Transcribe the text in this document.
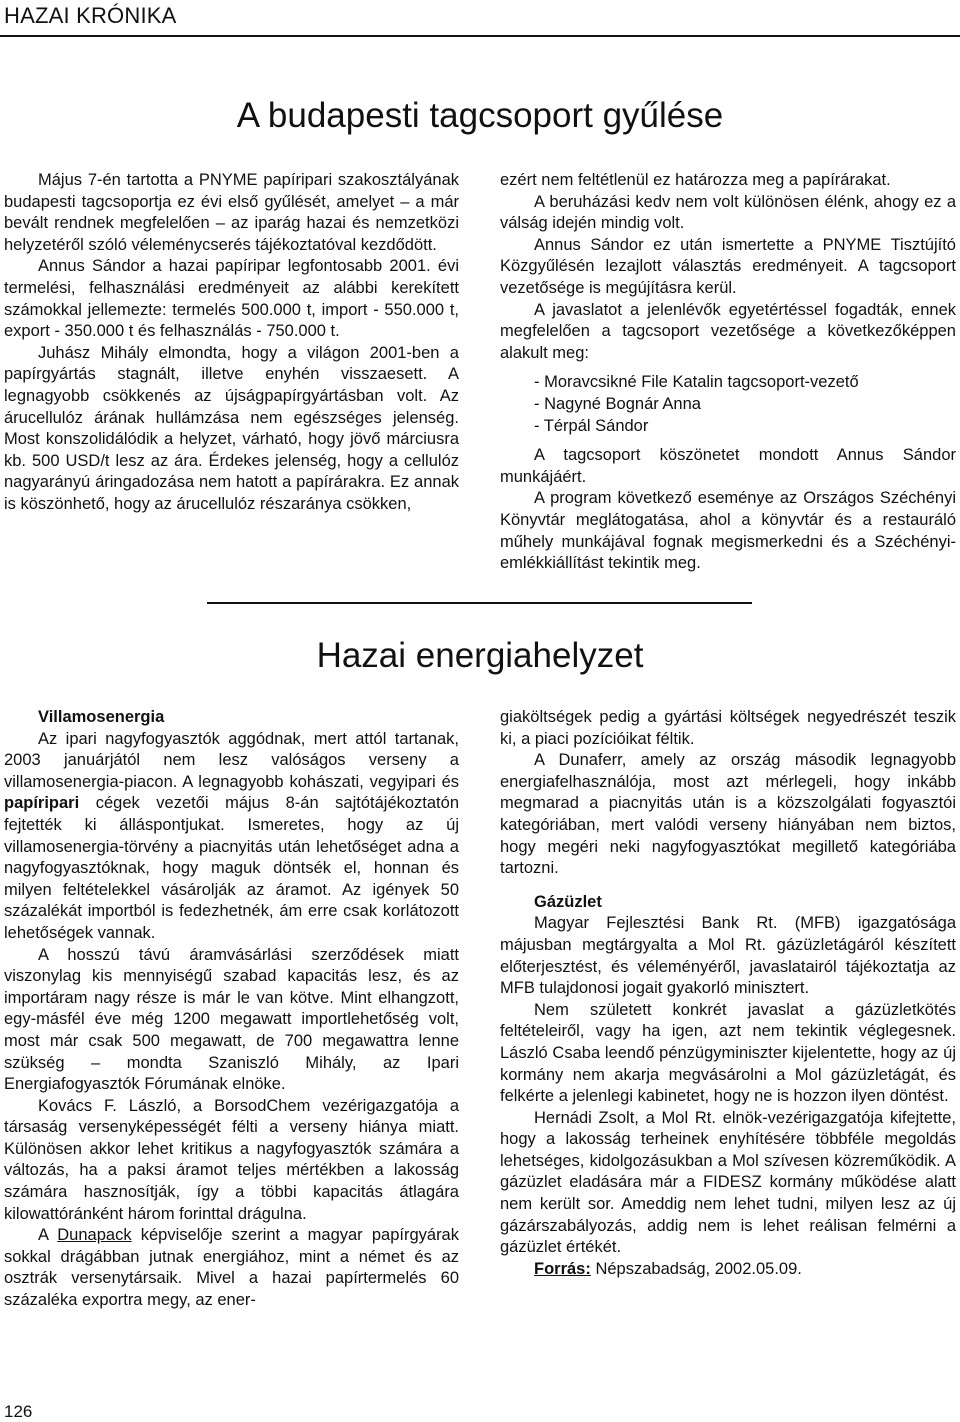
HAZAI KRÓNIKA
A budapesti tagcsoport gyűlése

Május 7-én tartotta a PNYME papíripari szakosztályának budapesti tagcsoportja ez évi első gyűlését, amelyet – a már bevált rendnek megfelelően – az iparág hazai és nemzetközi helyzetéről szóló véleménycserés tájékoztatóval kezdődött.

Annus Sándor a hazai papíripar legfontosabb 2001. évi termelési, felhasználási eredményeit az alábbi kerekített számokkal jellemezte: termelés 500.000 t, import - 550.000 t, export - 350.000 t és felhasználás - 750.000 t.

Juhász Mihály elmondta, hogy a világon 2001-ben a papírgyártás stagnált, illetve enyhén visszaesett. A legnagyobb csökkenés az újságpapírgyártásban volt. Az árucellulóz árának hullámzása nem egészséges jelenség. Most konszolidálódik a helyzet, várható, hogy jövő márciusra kb. 500 USD/t lesz az ára. Érdekes jelenség, hogy a cellulóz nagyarányú áringadozása nem hatott a papírárakra. Ez annak is köszönhető, hogy az árucellulóz részaránya csökken,

ezért nem feltétlenül ez határozza meg a papírárakat.

A beruházási kedv nem volt különösen élénk, ahogy ez a válság idején mindig volt.

Annus Sándor ez után ismertette a PNYME Tisztújító Közgyűlésén lezajlott választás eredményeit. A tagcsoport vezetősége is megújításra kerül.

A javaslatot a jelenlévők egyetértéssel fogadták, ennek megfelelően a tagcsoport vezetősége a következőképpen alakult meg:

- Moravcsikné File Katalin tagcsoport-vezető

- Nagyné Bognár Anna

- Térpál Sándor

A tagcsoport köszönetet mondott Annus Sándor munkájáért.

A program következő eseménye az Országos Széchényi Könyvtár meglátogatása, ahol a könyvtár és a restauráló műhely munkájával fognak megismerkedni és a Széchényi-emlékkiállítást tekintik meg.

Hazai energiahelyzet

Villamosenergia

Az ipari nagyfogyasztók aggódnak, mert attól tartanak, 2003 januárjától nem lesz valóságos verseny a villamosenergia-piacon. A legnagyobb kohászati, vegyipari és papíripari cégek vezetői május 8-án sajtótájékoztatón fejtették ki álláspontjukat. Ismeretes, hogy az új villamosenergia-törvény a piacnyitás után lehetőséget adna a nagyfogyasztóknak, hogy maguk döntsék el, honnan és milyen feltételekkel vásárolják az áramot. Az igények 50 százalékát importból is fedezhetnék, ám erre csak korlátozott lehetőségek vannak.

A hosszú távú áramvásárlási szerződések miatt viszonylag kis mennyiségű szabad kapacitás lesz, és az importáram nagy része is már le van kötve. Mint elhangzott, egy-másfél éve még 1200 megawatt importlehetőség volt, most már csak 500 megawatt, de 700 megawattra lenne szükség – mondta Szaniszló Mihály, az Ipari Energiafogyasztók Fórumának elnöke.

Kovács F. László, a BorsodChem vezérigazgatója a társaság versenyképességét félti a verseny hiánya miatt. Különösen akkor lehet kritikus a nagyfogyasztók számára a változás, ha a paksi áramot teljes mértékben a lakosság számára hasznosítják, így a többi kapacitás átlagára kilowattóránként három forinttal drágulna.

A Dunapack képviselője szerint a magyar papírgyárak sokkal drágábban jutnak energiához, mint a német és az osztrák versenytársaik. Mivel a hazai papírtermelés 60 százaléka exportra megy, az ener-

giaköltségek pedig a gyártási költségek negyedrészét teszik ki, a piaci pozícióikat féltik.

A Dunaferr, amely az ország második legnagyobb energiafelhasználója, most azt mérlegeli, hogy inkább megmarad a piacnyitás után is a közszolgálati fogyasztói kategóriában, mert valódi verseny hiányában nem biztos, hogy megéri neki nagyfogyasztókat megillető kategóriába tartozni.

Gázüzlet

Magyar Fejlesztési Bank Rt. (MFB) igazgatósága májusban megtárgyalta a Mol Rt. gázüzletágáról készített előterjesztést, és véleményéről, javaslatairól tájékoztatja az MFB tulajdonosi jogait gyakorló minisztert.

Nem született konkrét javaslat a gázüzletkötés feltételeiről, vagy ha igen, azt nem tekintik véglegesnek. László Csaba leendő pénzügyminiszter kijelentette, hogy az új kormány nem akarja megvásárolni a Mol gázüzletágát, és felkérte a jelenlegi kabinetet, hogy ne is hozzon ilyen döntést.

Hernádi Zsolt, a Mol Rt. elnök-vezérigazgatója kifejtette, hogy a lakosság terheinek enyhítésére többféle megoldás lehetséges, kidolgozásukban a Mol szívesen közreműködik. A gázüzlet eladására már a FIDESZ kormány működése alatt nem került sor. Ameddig nem lehet tudni, milyen lesz az új gázárszabályozás, addig nem is lehet reálisan felmérni a gázüzlet értékét.

Forrás: Népszabadság, 2002.05.09.

126
